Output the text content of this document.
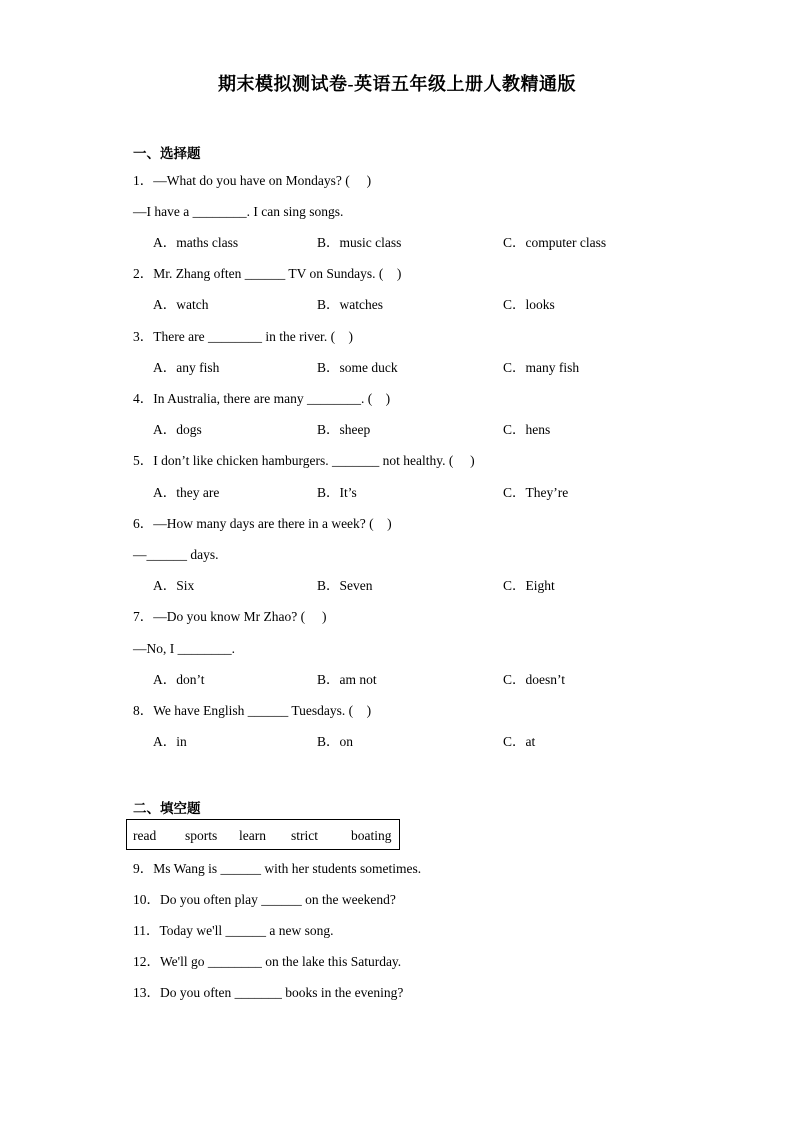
期末模拟测试卷-英语五年级上册人教精通版
一、选择题
1．—What do you have on Mondays? (　 )
—I have a ________. I can sing songs.
A．maths class	B．music class	C．computer class
2．Mr. Zhang often ______ TV on Sundays. (　)
A．watch	B．watches	C．looks
3．There are ________ in the river. (　)
A．any fish	B．some duck	C．many fish
4．In Australia, there are many ________. (　)
A．dogs	B．sheep	C．hens
5．I don’t like chicken hamburgers. _______ not healthy. (　 )
A．they are	B．It’s	C．They’re
6．—How many days are there in a week? (　)
—______ days.
A．Six	B．Seven	C．Eight
7．—Do you know Mr Zhao? (　 )
—No, I ________.
A．don’t	B．am not	C．doesn’t
8．We have English ______ Tuesdays. (　)
A．in	B．on	C．at
二、填空题
read sports learn strict boating
9．Ms Wang is ______ with her students sometimes.
10．Do you often play ______ on the weekend?
11．Today we'll ______ a new song.
12．We'll go ________ on the lake this Saturday.
13．Do you often _______ books in the evening?
